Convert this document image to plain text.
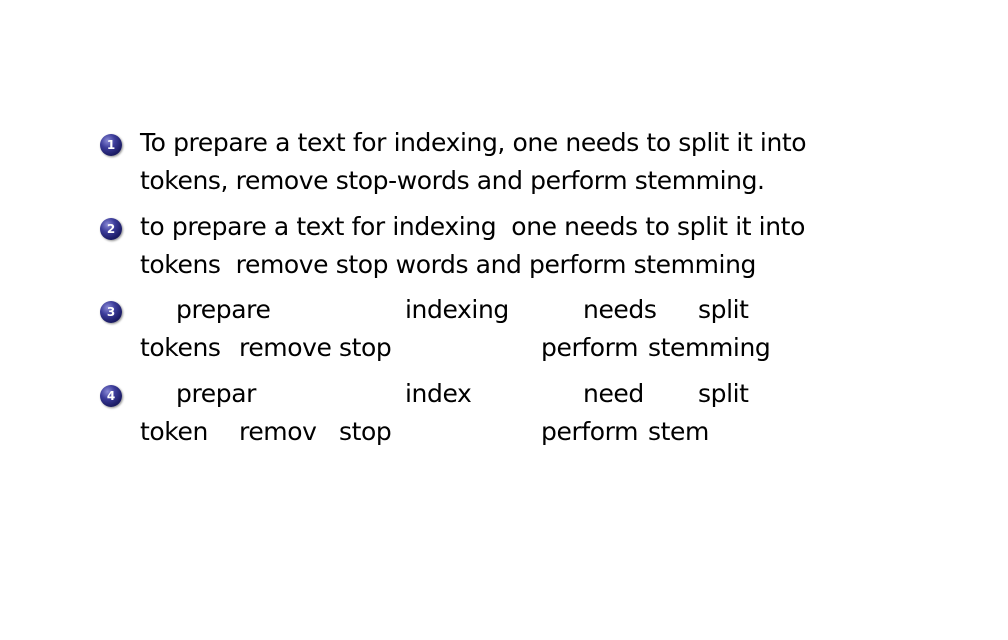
1 To prepare a text for indexing, one needs to split it into
tokens, remove stop-words and perform stemming.
2 to prepare a text for indexing  one needs to split it into
tokens  remove stop words and perform stemming
3

prepare

	indexing

	needs

split

tokens

remove

stop

	perform

stemming

4

prepar

	index

	need

split

token

remov

stop

	perform

stem
